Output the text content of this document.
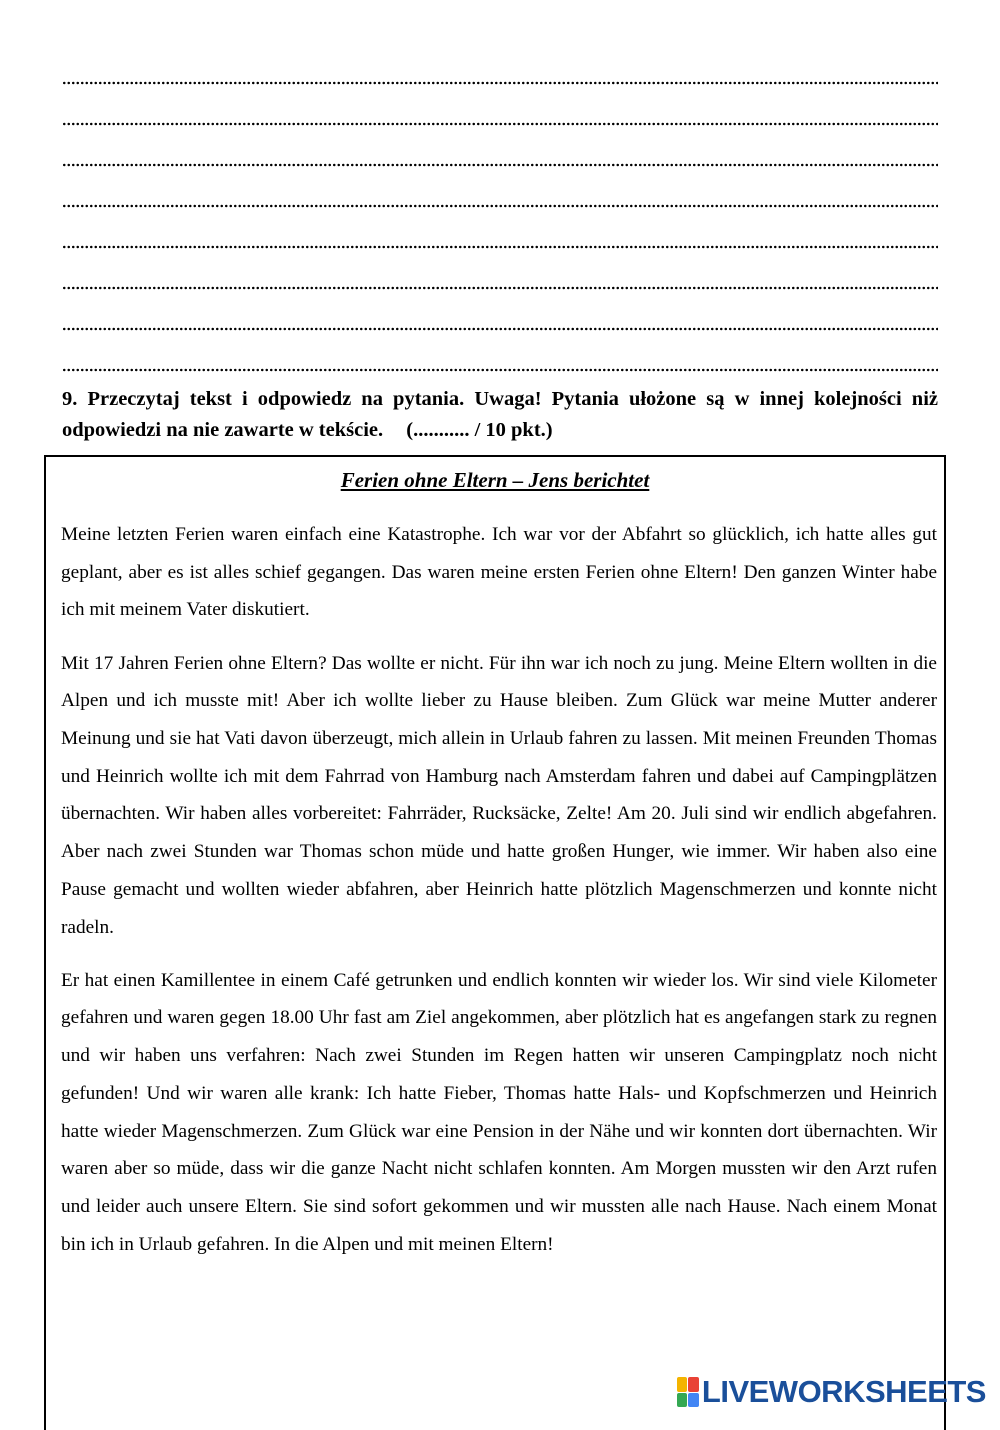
9. Przeczytaj tekst i odpowiedz na pytania. Uwaga! Pytania ułożone są w innej kolejności niż odpowiedzi na nie zawarte w tekście. (........... / 10 pkt.)
Ferien ohne Eltern – Jens berichtet

Meine letzten Ferien waren einfach eine Katastrophe. Ich war vor der Abfahrt so glücklich, ich hatte alles gut geplant, aber es ist alles schief gegangen. Das waren meine ersten Ferien ohne Eltern! Den ganzen Winter habe ich mit meinem Vater diskutiert.

Mit 17 Jahren Ferien ohne Eltern? Das wollte er nicht. Für ihn war ich noch zu jung. Meine Eltern wollten in die Alpen und ich musste mit! Aber ich wollte lieber zu Hause bleiben. Zum Glück war meine Mutter anderer Meinung und sie hat Vati davon überzeugt, mich allein in Urlaub fahren zu lassen. Mit meinen Freunden Thomas und Heinrich wollte ich mit dem Fahrrad von Hamburg nach Amsterdam fahren und dabei auf Campingplätzen übernachten. Wir haben alles vorbereitet: Fahrräder, Rucksäcke, Zelte! Am 20. Juli sind wir endlich abgefahren. Aber nach zwei Stunden war Thomas schon müde und hatte großen Hunger, wie immer. Wir haben also eine Pause gemacht und wollten wieder abfahren, aber Heinrich hatte plötzlich Magenschmerzen und konnte nicht radeln.

Er hat einen Kamillentee in einem Café getrunken und endlich konnten wir wieder los. Wir sind viele Kilometer gefahren und waren gegen 18.00 Uhr fast am Ziel angekommen, aber plötzlich hat es angefangen stark zu regnen und wir haben uns verfahren: Nach zwei Stunden im Regen hatten wir unseren Campingplatz noch nicht gefunden! Und wir waren alle krank: Ich hatte Fieber, Thomas hatte Hals- und Kopfschmerzen und Heinrich hatte wieder Magenschmerzen. Zum Glück war eine Pension in der Nähe und wir konnten dort übernachten. Wir waren aber so müde, dass wir die ganze Nacht nicht schlafen konnten. Am Morgen mussten wir den Arzt rufen und leider auch unsere Eltern. Sie sind sofort gekommen und wir mussten alle nach Hause. Nach einem Monat bin ich in Urlaub gefahren. In die Alpen und mit meinen Eltern!

LIVEWORKSHEETS
